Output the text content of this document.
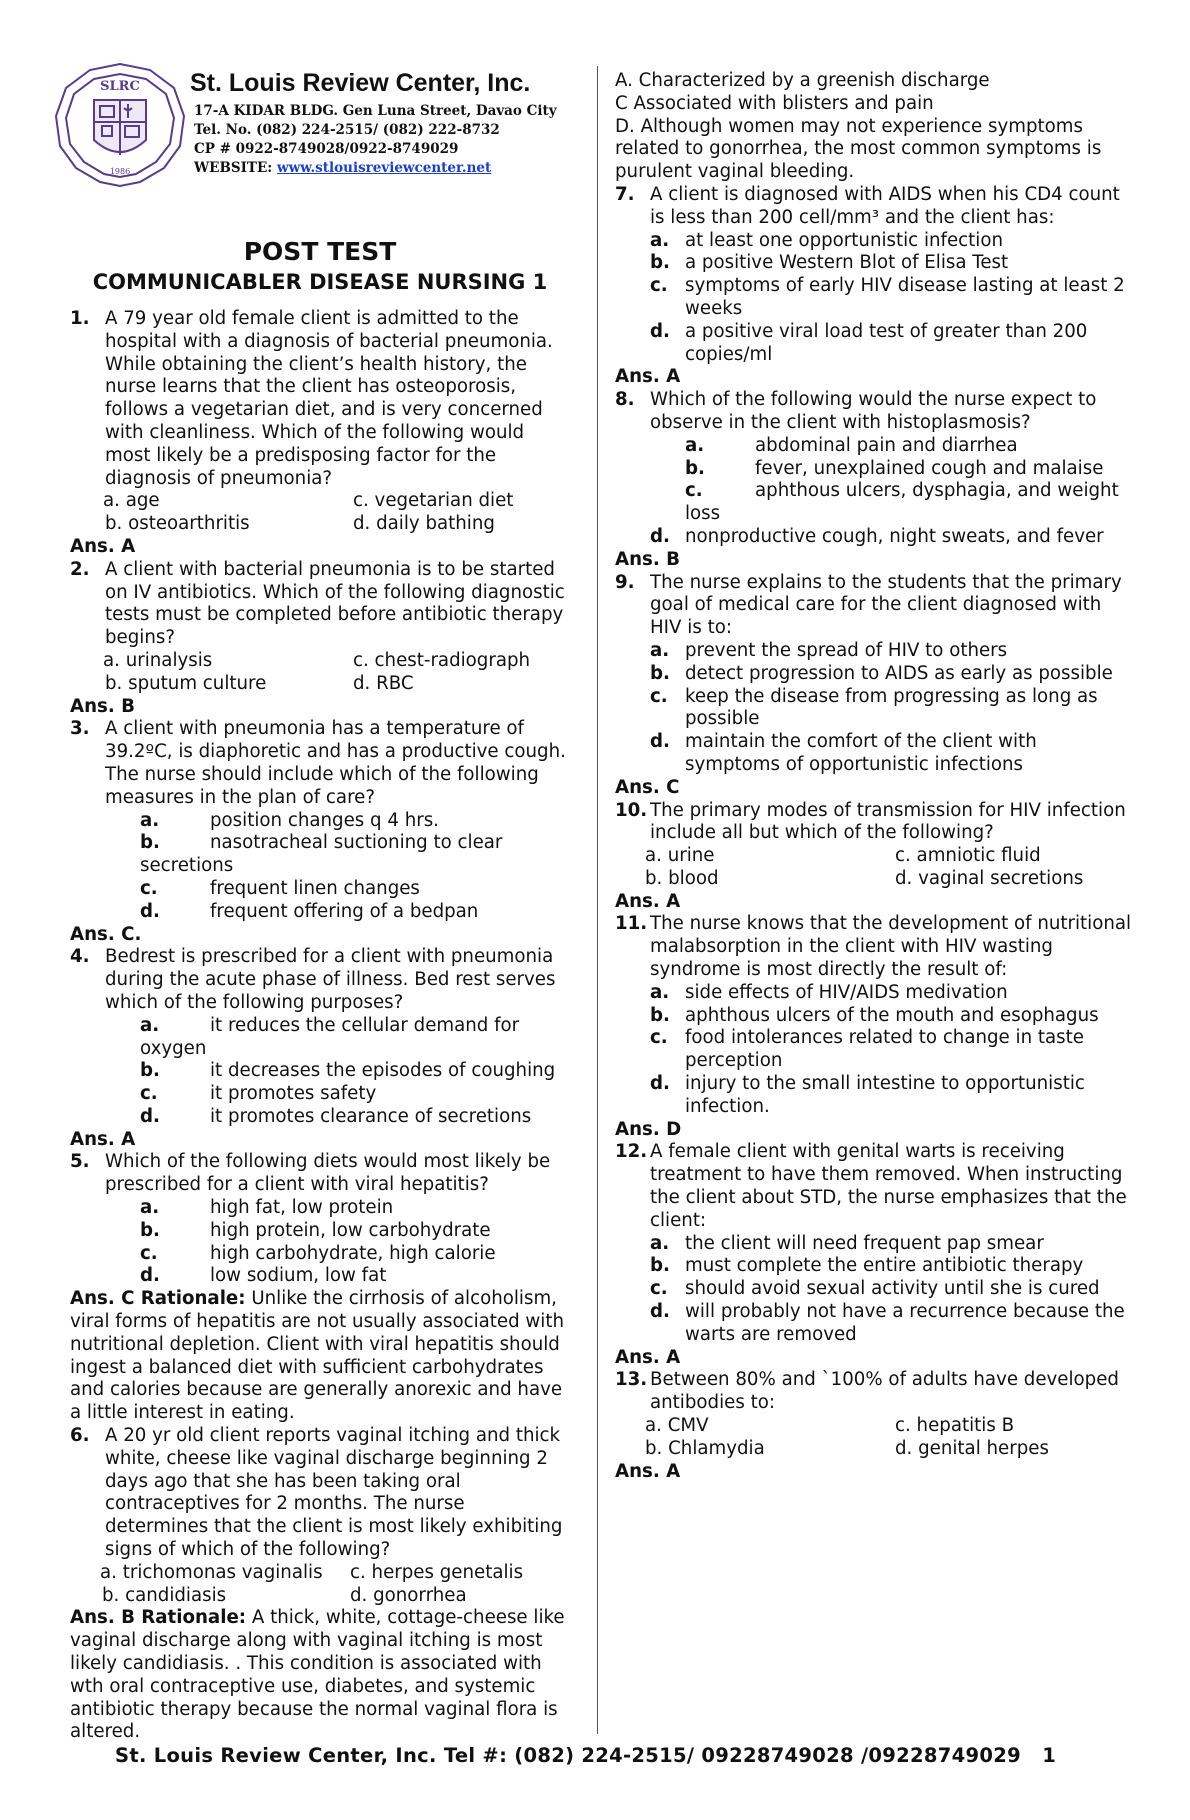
SLRC
1986
St. Louis Review Center, Inc.
17-A KIDAR BLDG. Gen Luna Street, Davao City
Tel. No. (082) 224-2515/ (082) 222-8732
CP # 0922-8749028/0922-8749029
WEBSITE: www.stlouisreviewcenter.net
POST TEST
COMMUNICABLER DISEASE NURSING 1
1. A 79 year old female client is admitted to the hospital with a diagnosis of bacterial pneumonia. While obtaining the client’s health history, the nurse learns that the client has osteoporosis, follows a vegetarian diet, and is very concerned with cleanliness. Which of the following would most likely be a predisposing factor for the diagnosis of pneumonia?
a. age	c. vegetarian diet
b. osteoarthritis	d. daily bathing
Ans. A
2. A client with bacterial pneumonia is to be started on IV antibiotics. Which of the following diagnostic tests must be completed before antibiotic therapy begins?
a. urinalysis	c. chest-radiograph
b. sputum culture	d. RBC
Ans. B
3. A client with pneumonia has a temperature of 39.2ºC, is diaphoretic and has a productive cough. The nurse should include which of the following measures in the plan of care?
a.	position changes q 4 hrs.
b.	nasotracheal suctioning to clear secretions
c.	frequent linen changes
d.	frequent offering of a bedpan
Ans. C.
4. Bedrest is prescribed for a client with pneumonia during the acute phase of illness. Bed rest serves which of the following purposes?
a.	it reduces the cellular demand for oxygen
b.	it decreases the episodes of coughing
c.	it promotes safety
d.	it promotes clearance of secretions
Ans. A
5. Which of the following diets would most likely be prescribed for a client with viral hepatitis?
a.	high fat, low protein
b.	high protein, low carbohydrate
c.	high carbohydrate, high calorie
d.	low sodium, low fat
Ans. C Rationale: Unlike the cirrhosis of alcoholism, viral forms of hepatitis are not usually associated with nutritional depletion. Client with viral hepatitis should ingest a balanced diet with sufficient carbohydrates and calories because are generally anorexic and have a little interest in eating.
6. A 20 yr old client reports vaginal itching and thick white, cheese like vaginal discharge beginning 2 days ago that she has been taking oral contraceptives for 2 months. The nurse determines that the client is most likely exhibiting signs of which of the following?
a. trichomonas vaginalis	c. herpes genetalis
b. candidiasis	d. gonorrhea
Ans. B Rationale: A thick, white, cottage-cheese like vaginal discharge along with vaginal itching is most likely candidiasis. . This condition is associated with wth oral contraceptive use, diabetes, and systemic antibiotic therapy because the normal vaginal flora is altered.
A. Characterized by a greenish discharge
C Associated with blisters and pain
D. Although women may not experience symptoms related to gonorrhea, the most common symptoms is purulent vaginal bleeding.
7. A client is diagnosed with AIDS when his CD4 count is less than 200 cell/mm³ and the client has:
a. at least one opportunistic infection
b. a positive Western Blot of Elisa Test
c. symptoms of early HIV disease lasting at least 2 weeks
d. a positive viral load test of greater than 200 copies/ml
Ans. A
8. Which of the following would the nurse expect to observe in the client with histoplasmosis?
a.	abdominal pain and diarrhea
b.	fever, unexplained cough and malaise
c.	aphthous ulcers, dysphagia, and weight loss
d. nonproductive cough, night sweats, and fever
Ans. B
9. The nurse explains to the students that the primary goal of medical care for the client diagnosed with HIV is to:
a. prevent the spread of HIV to others
b. detect progression to AIDS as early as possible
c. keep the disease from progressing as long as possible
d. maintain the comfort of the client with symptoms of opportunistic infections
Ans. C
10. The primary modes of transmission for HIV infection include all but which of the following?
a. urine	c. amniotic fluid
b. blood	d. vaginal secretions
Ans. A
11. The nurse knows that the development of nutritional malabsorption in the client with HIV wasting syndrome is most directly the result of:
a. side effects of HIV/AIDS medivation
b. aphthous ulcers of the mouth and esophagus
c. food intolerances related to change in taste perception
d. injury to the small intestine to opportunistic infection.
Ans. D
12. A female client with genital warts is receiving treatment to have them removed. When instructing the client about STD, the nurse emphasizes that the client:
a. the client will need frequent pap smear
b. must complete the entire antibiotic therapy
c. should avoid sexual activity until she is cured
d. will probably not have a recurrence because the warts are removed
Ans. A
13. Between 80% and `100% of adults have developed antibodies to:
a. CMV	c. hepatitis B
b. Chlamydia	d. genital herpes
Ans. A
St. Louis Review Center, Inc. Tel #: (082) 224-2515/ 09228749028 /09228749029 1
